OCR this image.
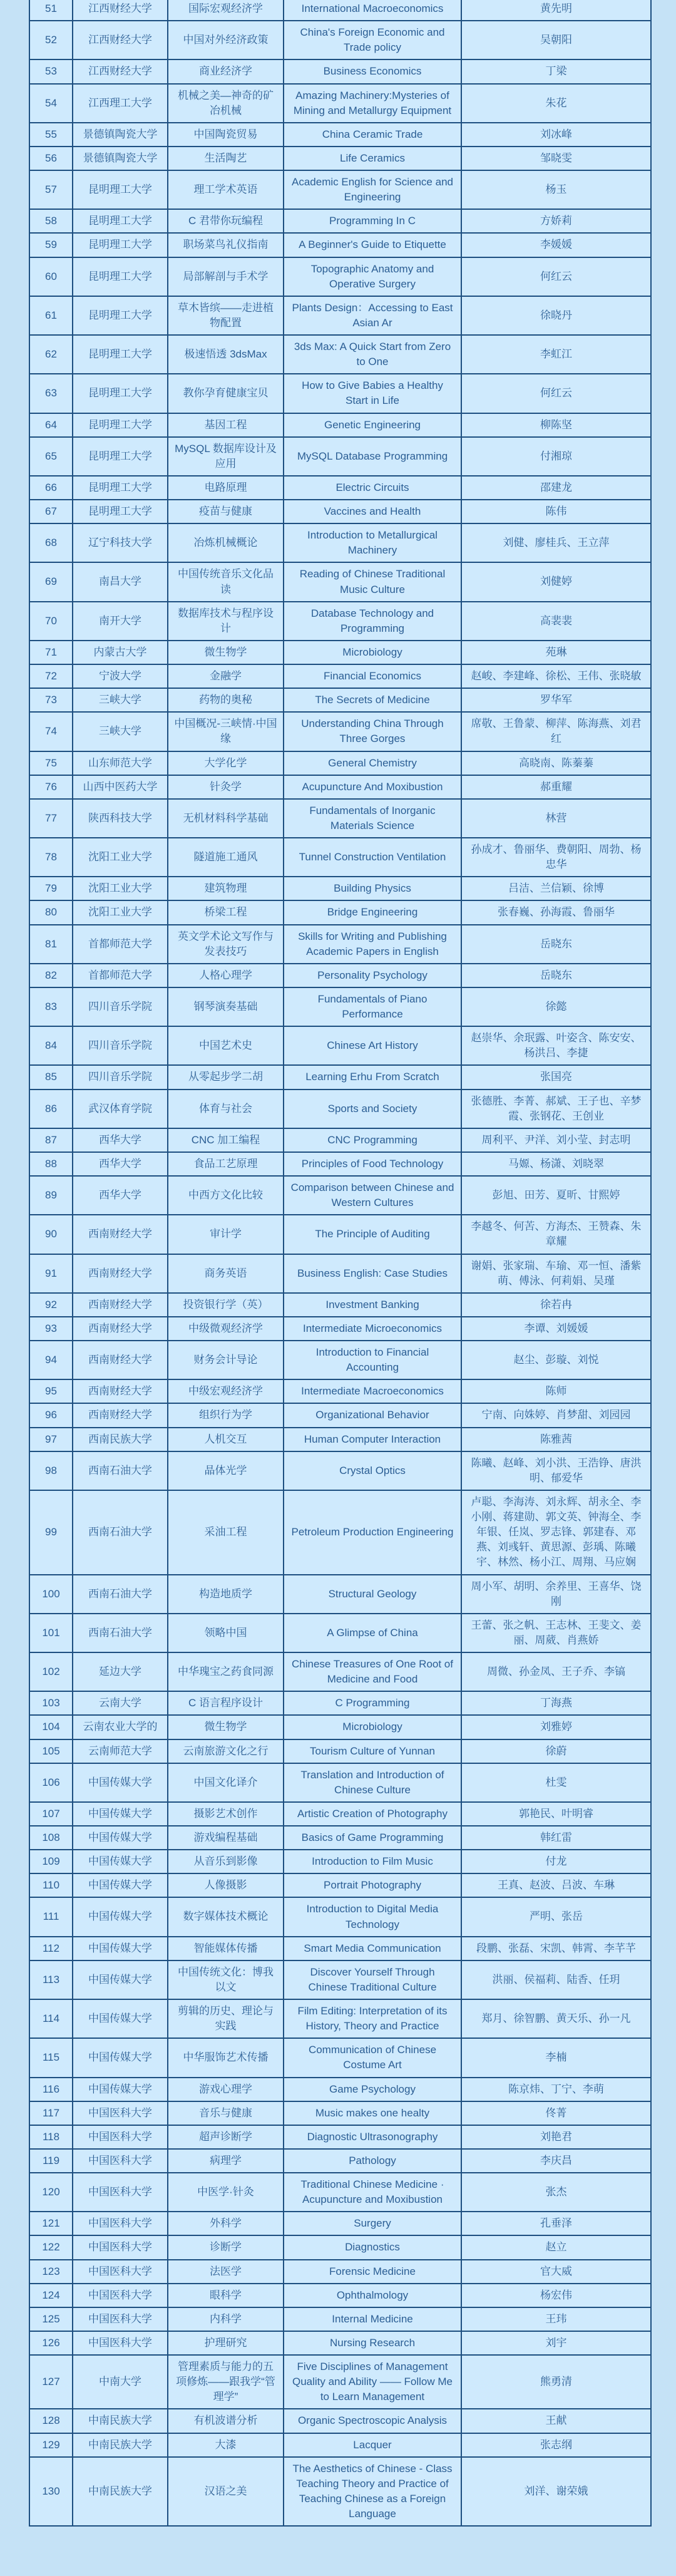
51	江西财经大学	国际宏观经济学	International Macroeconomics	黄先明
52	江西财经大学	中国对外经济政策	China's Foreign Economic and Trade policy	吴朝阳
53	江西财经大学	商业经济学	Business Economics	丁梁
54	江西理工大学	机械之美—神奇的矿冶机械	Amazing Machinery:Mysteries of Mining and Metallurgy Equipment	朱花
55	景德镇陶瓷大学	中国陶瓷贸易	China Ceramic Trade	刘冰峰
56	景德镇陶瓷大学	生活陶艺	Life Ceramics	邹晓雯
57	昆明理工大学	理工学术英语	Academic English for Science and Engineering	杨玉
58	昆明理工大学	C 君带你玩编程	Programming In C	方娇莉
59	昆明理工大学	职场菜鸟礼仪指南	A Beginner's Guide to Etiquette	李媛媛
60	昆明理工大学	局部解剖与手术学	Topographic Anatomy and Operative Surgery	何红云
61	昆明理工大学	草木皆缤——走进植物配置	Plants Design：Accessing to East Asian Ar	徐晓丹
62	昆明理工大学	极速悟透 3dsMax	3ds Max: A Quick Start from Zero to One	李虹江
63	昆明理工大学	教你孕育健康宝贝	How to Give Babies a Healthy Start in Life	何红云
64	昆明理工大学	基因工程	Genetic Engineering	柳陈坚
65	昆明理工大学	MySQL 数据库设计及应用	MySQL Database Programming	付湘琼
66	昆明理工大学	电路原理	Electric Circuits	邵建龙
67	昆明理工大学	疫苗与健康	Vaccines and Health	陈伟
68	辽宁科技大学	冶炼机械概论	Introduction to Metallurgical Machinery	刘健、廖桂兵、王立萍
69	南昌大学	中国传统音乐文化品读	Reading of Chinese Traditional Music Culture	刘健婷
70	南开大学	数据库技术与程序设计	Database Technology and Programming	高裴裴
71	内蒙古大学	微生物学	Microbiology	苑琳
72	宁波大学	金融学	Financial Economics	赵峻、李建峰、徐松、王伟、张晓敏
73	三峡大学	药物的奥秘	The Secrets of Medicine	罗华军
74	三峡大学	中国概况-三峡情·中国缘	Understanding China Through Three Gorges	席敬、王鲁蒙、柳萍、陈海燕、刘君红
75	山东师范大学	大学化学	General Chemistry	高晓南、陈蓁蓁
76	山西中医药大学	针灸学	Acupuncture And Moxibustion	郝重耀
77	陕西科技大学	无机材料科学基础	Fundamentals of Inorganic Materials Science	林营
78	沈阳工业大学	隧道施工通风	Tunnel Construction Ventilation	孙成才、鲁丽华、费朝阳、周勃、杨忠华
79	沈阳工业大学	建筑物理	Building Physics	吕洁、兰信颖、徐博
80	沈阳工业大学	桥梁工程	Bridge Engineering	张春巍、孙海霞、鲁丽华
81	首都师范大学	英文学术论文写作与发表技巧	Skills for Writing and Publishing Academic Papers in English	岳晓东
82	首都师范大学	人格心理学	Personality Psychology	岳晓东
83	四川音乐学院	钢琴演奏基础	Fundamentals of Piano Performance	徐懿
84	四川音乐学院	中国艺术史	Chinese Art History	赵崇华、余珉露、叶姿含、陈安安、杨洪吕、李捷
85	四川音乐学院	从零起步学二胡	Learning Erhu From Scratch	张国亮
86	武汉体育学院	体育与社会	Sports and Society	张德胜、李菁、郝斌、王子也、辛梦霞、张钢花、王创业
87	西华大学	CNC 加工编程	CNC Programming	周利平、尹洋、刘小莹、封志明
88	西华大学	食品工艺原理	Principles of Food Technology	马嫄、杨潇、刘晓翠
89	西华大学	中西方文化比较	Comparison between Chinese and Western Cultures	彭旭、田芳、夏昕、甘熙婷
90	西南财经大学	审计学	The Principle of Auditing	李越冬、何苦、方海杰、王赞森、朱章耀
91	西南财经大学	商务英语	Business English: Case Studies	谢娟、张家瑞、车瑜、邓一恒、潘紫萌、傅泳、何莉娟、吴瑾
92	西南财经大学	投资银行学（英）	Investment Banking	徐若冉
93	西南财经大学	中级微观经济学	Intermediate Microeconomics	李谭、刘媛媛
94	西南财经大学	财务会计导论	Introduction to Financial Accounting	赵尘、彭璇、刘悦
95	西南财经大学	中级宏观经济学	Intermediate Macroeconomics	陈师
96	西南财经大学	组织行为学	Organizational Behavior	宁南、向姝婷、肖梦甜、刘园园
97	西南民族大学	人机交互	Human Computer Interaction	陈雅茜
98	西南石油大学	晶体光学	Crystal Optics	陈曦、赵峰、刘小洪、王浩铮、唐洪明、郁爱华
99	西南石油大学	采油工程	Petroleum Production Engineering	卢聪、李海涛、刘永辉、胡永全、李小刚、蒋建勋、郭文英、钟海全、李年银、任岚、罗志锋、郭建春、邓燕、刘彧轩、黄思源、彭瑀、陈曦宇、林然、杨小江、周翔、马应娴
100	西南石油大学	构造地质学	Structural Geology	周小军、胡明、余养里、王喜华、饶刚
101	西南石油大学	领略中国	A Glimpse of China	王蕾、张之帆、王志林、王斐文、姜丽、周葳、肖燕娇
102	延边大学	中华瑰宝之药食同源	Chinese Treasures of One Root of Medicine and Food	周微、孙金凤、王子乔、李镐
103	云南大学	C 语言程序设计	C Programming	丁海燕
104	云南农业大学的	微生物学	Microbiology	刘雅婷
105	云南师范大学	云南旅游文化之行	Tourism Culture of Yunnan	徐蔚
106	中国传媒大学	中国文化译介	Translation and Introduction of Chinese Culture	杜雯
107	中国传媒大学	摄影艺术创作	Artistic Creation of Photography	郭艳民、叶明睿
108	中国传媒大学	游戏编程基础	Basics of Game Programming	韩红雷
109	中国传媒大学	从音乐到影像	Introduction to Film Music	付龙
110	中国传媒大学	人像摄影	Portrait Photography	王真、赵波、吕波、车琳
111	中国传媒大学	数字媒体技术概论	Introduction to Digital Media Technology	严明、张岳
112	中国传媒大学	智能媒体传播	Smart Media Communication	段鹏、张磊、宋凯、韩霄、李芊芊
113	中国传媒大学	中国传统文化：博我以文	Discover Yourself Through Chinese Traditional Culture	洪丽、侯福莉、陆香、任玥
114	中国传媒大学	剪辑的历史、理论与实践	Film Editing: Interpretation of its History, Theory and Practice	郑月、徐智鹏、黄天乐、孙一凡
115	中国传媒大学	中华服饰艺术传播	Communication of Chinese Costume Art	李楠
116	中国传媒大学	游戏心理学	Game Psychology	陈京炜、丁宁、李萌
117	中国医科大学	音乐与健康	Music makes one healty	佟菁
118	中国医科大学	超声诊断学	Diagnostic Ultrasonography	刘艳君
119	中国医科大学	病理学	Pathology	李庆昌
120	中国医科大学	中医学·针灸	Traditional Chinese Medicine · Acupuncture and Moxibustion	张杰
121	中国医科大学	外科学	Surgery	孔垂泽
122	中国医科大学	诊断学	Diagnostics	赵立
123	中国医科大学	法医学	Forensic Medicine	官大威
124	中国医科大学	眼科学	Ophthalmology	杨宏伟
125	中国医科大学	内科学	Internal Medicine	王玮
126	中国医科大学	护理研究	Nursing Research	刘宇
127	中南大学	管理素质与能力的五项修炼——跟我学“管理学”	Five Disciplines of Management Quality and Ability —— Follow Me to Learn Management	熊勇清
128	中南民族大学	有机波谱分析	Organic Spectroscopic Analysis	王献
129	中南民族大学	大漆	Lacquer	张志纲
130	中南民族大学	汉语之美	The Aesthetics of Chinese - Class Teaching Theory and Practice of Teaching Chinese as a Foreign Language	刘洋、谢荣娥
